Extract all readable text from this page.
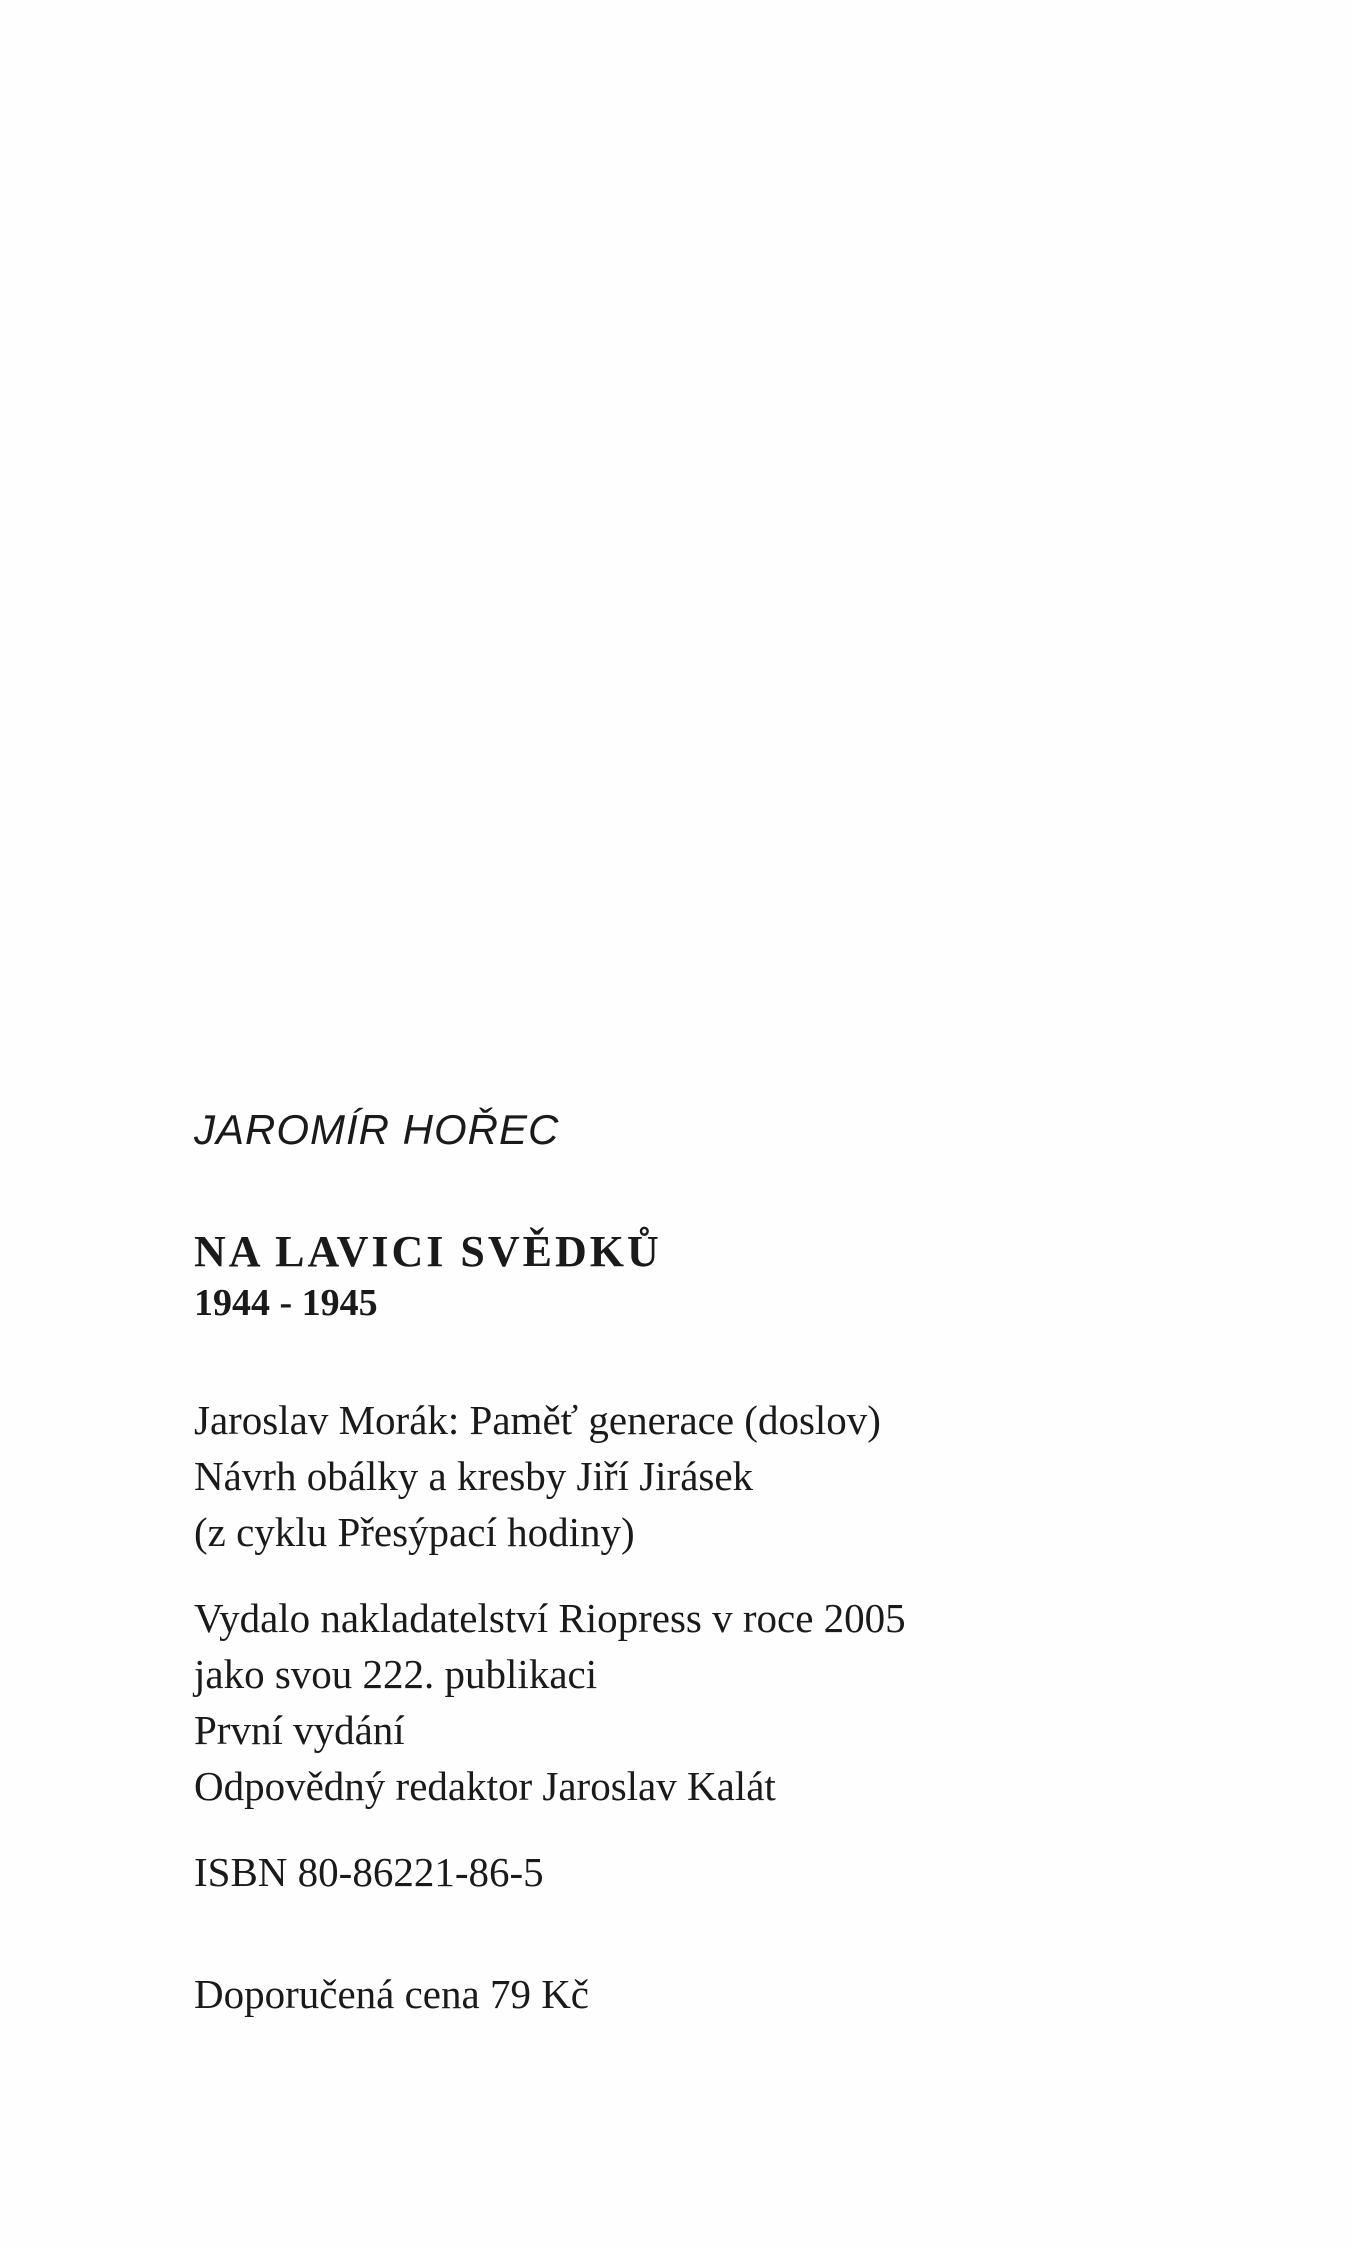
JAROMÍR HOŘEC

NA LAVICI SVĚDKŮ

1944 - 1945

Jaroslav Morák: Paměť generace (doslov)
Návrh obálky a kresby Jiří Jirásek
(z cyklu Přesýpací hodiny)
Vydalo nakladatelství Riopress v roce 2005
jako svou 222. publikaci
První vydání
Odpovědný redaktor Jaroslav Kalát
ISBN 80-86221-86-5
Doporučená cena 79 Kč
